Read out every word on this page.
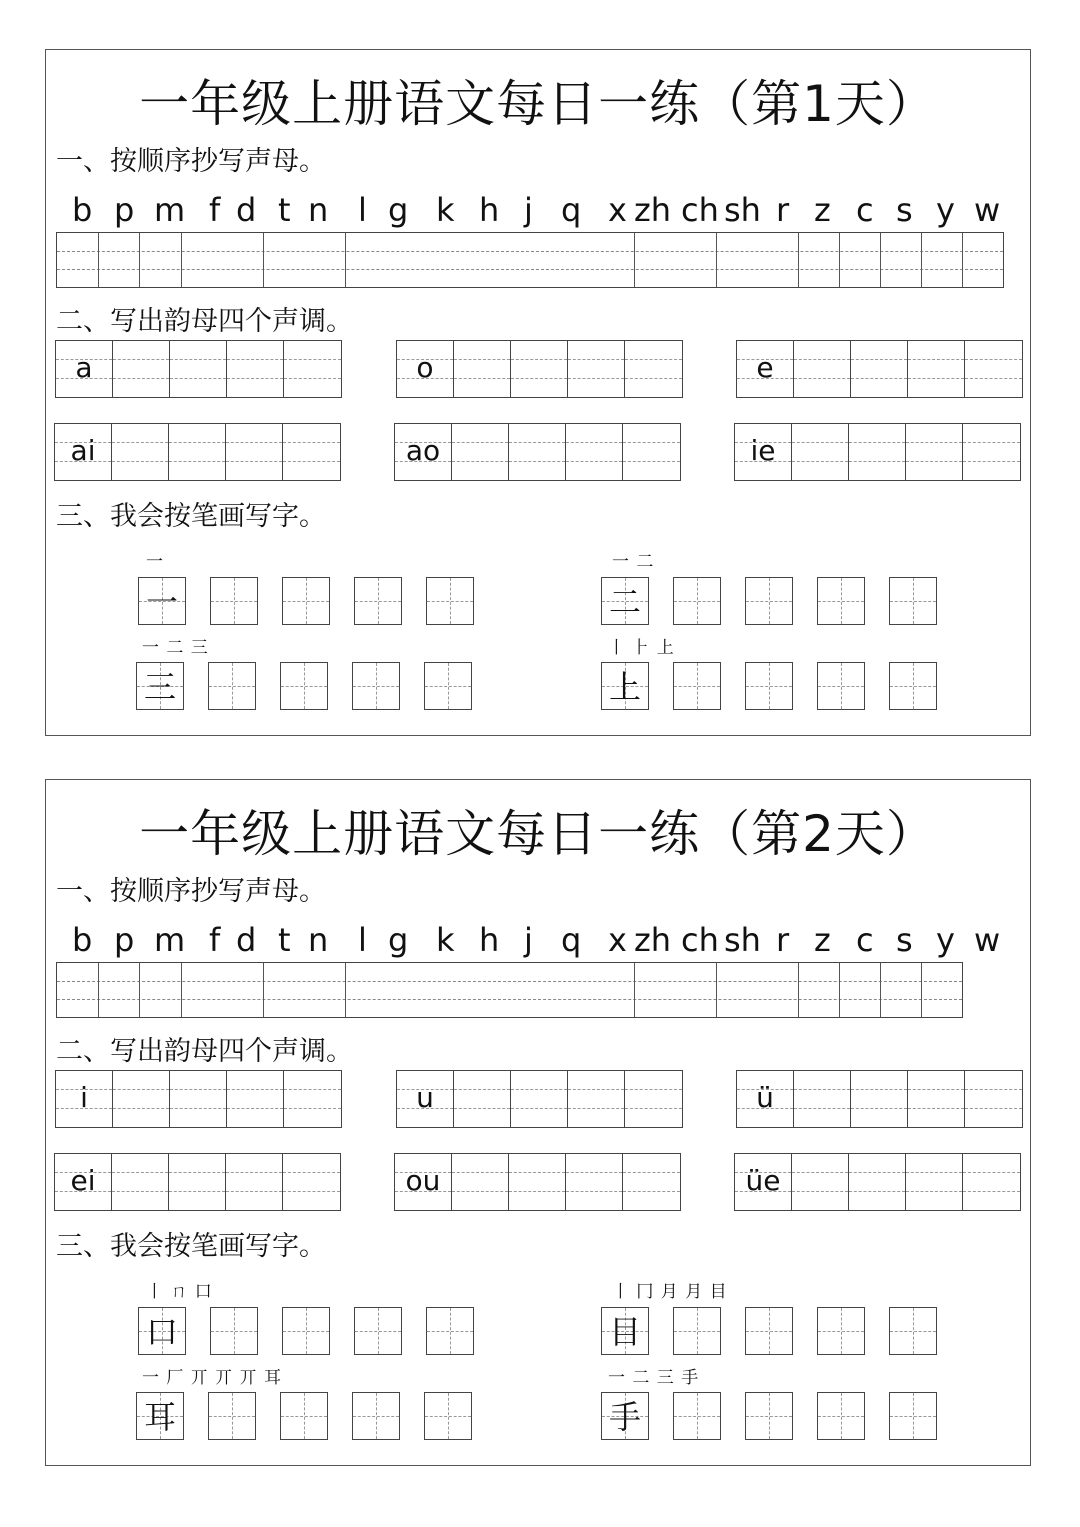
一年级上册语文每日一练（第1天）
一、按顺序抄写声母。
b p m f d t n l g k h j q x zh ch sh r z c s y w
二、写出韵母四个声调。
a	o	e
ai	ao	ie
三、我会按笔画写字。
一
一
一 二
二
一 二 三
三
丨 ⺊ 上
上
一年级上册语文每日一练（第2天）
一、按顺序抄写声母。
b p m f d t n l g k h j q x zh ch sh r z c s y w
二、写出韵母四个声调。
i	u	ü
ei	ou	üe
三、我会按笔画写字。
丨 ㄇ 口
口
丨 冂 月 月 目
目
一 厂 丌 丌 丌 耳
耳
一 二 三 手
手
